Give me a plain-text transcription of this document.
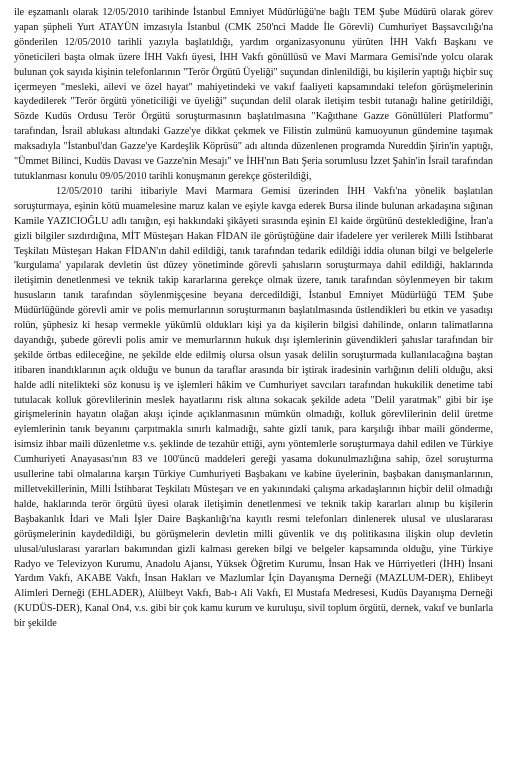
ile eşzamanlı olarak 12/05/2010 tarihinde İstanbul Emniyet Müdürlüğü'ne bağlı TEM Şube Müdürü olarak görev yapan şüpheli Yurt ATAYÜN imzasıyla İstanbul (CMK 250'nci Madde İle Görevli) Cumhuriyet Başsavcılığı'na gönderilen 12/05/2010 tarihli yazıyla başlatıldığı, yardım organizasyonunu yürüten İHH Vakfı Başkanı ve yöneticileri başta olmak üzere İHH Vakfı üyesi, İHH Vakfı gönüllüsü ve Mavi Marmara Gemisi'nde yolcu olarak bulunan çok sayıda kişinin telefonlarının "Terör Örgütü Üyeliği" suçundan dinlenildiği, bu kişilerin yaptığı hiçbir suç içermeyen "mesleki, ailevi ve özel hayat" mahiyetindeki ve vakıf faaliyeti kapsamındaki telefon görüşmelerinin kaydedilerek "Terör örgütü yöneticiliği ve üyeliği" suçundan delil olarak iletişim tesbit tutanağı haline getirildiği, Sözde Kudüs Ordusu Terör Örgütü soruşturmasının başlatılmasına "Kağıthane Gazze Gönüllüleri Platformu" tarafından, İsrail ablukası altındaki Gazze'ye dikkat çekmek ve Filistin zulmünü kamuoyunun gündemine taşımak maksadıyla "İstanbul'dan Gazze'ye Kardeşlik Köprüsü" adı altında düzenlenen programda Nureddin Şirin'in yaptığı, "Ümmet Bilinci, Kudüs Davası ve Gazze'nin Mesajı" ve İHH'nın Batı Şeria sorumlusu İzzet Şahin'in İsrail tarafından tutuklanması konulu 09/05/2010 tarihli konuşmanın gerekçe gösterildiği,

12/05/2010 tarihi itibariyle Mavi Marmara Gemisi üzerinden İHH Vakfı'na yönelik başlatılan soruşturmaya, eşinin kötü muamelesine maruz kalan ve eşiyle kavga ederek Bursa ilinde bulunan arkadaşına sığınan Kamile YAZICIOĞLU adlı tanığın, eşi hakkındaki şikâyeti sırasında eşinin El kaide örgütünü desteklediğine, İran'a gizli bilgiler sızdırdığına, MİT Müsteşarı Hakan FİDAN ile görüştüğüne dair ifadelere yer verilerek Milli İstihbarat Teşkilatı Müsteşarı Hakan FİDAN'ın dahil edildiği, tanık tarafından tedarik edildiği iddia olunan bilgi ve belgelerle 'kurgulama' yapılarak devletin üst düzey yönetiminde görevli şahısların soruşturmaya dahil edildiği, haklarında iletişimin denetlenmesi ve teknik takip kararlarına gerekçe olmak üzere, tanık tarafından söylenmeyen bir takım hususların tanık tarafından söylenmişçesine beyana dercedildiği, İstanbul Emniyet Müdürlüğü TEM Şube Müdürlüğünde görevli amir ve polis memurlarının soruşturmanın başlatılmasında üstlendikleri bu etkin ve yasadışı rolün, şüphesiz ki hesap vermekle yükümlü oldukları kişi ya da kişilerin bilgisi dahilinde, onların talimatlarına dayandığı, şubede görevli polis amir ve memurlarının hukuk dışı işlemlerinin güvendikleri şahıslar tarafından bir şekilde örtbas edileceğine, ne şekilde elde edilmiş olursa olsun yasak delilin soruşturmada kullanılacağına baştan itibaren inandıklarının açık olduğu ve bunun da taraflar arasında bir iştirak iradesinin varlığının delili olduğu, aksi halde adli nitelikteki söz konusu iş ve işlemleri hâkim ve Cumhuriyet savcıları tarafından hukukilik denetime tabi tutulacak kolluk görevlilerinin meslek hayatlarını risk altına sokacak şekilde adeta "Delil yaratmak" gibi bir işe girişmelerinin hayatın olağan akışı içinde açıklanmasının mümkün olmadığı, kolluk görevlilerinin delil üretme eylemlerinin tanık beyanını çarpıtmakla sınırlı kalmadığı, sahte gizli tanık, para karşılığı ihbar maili gönderme, isimsiz ihbar maili düzenletme v.s. şeklinde de tezahür ettiği, aynı yöntemlerle soruşturmaya dahil edilen ve Türkiye Cumhuriyeti Anayasası'nın 83 ve 100'üncü maddeleri gereği yasama dokunulmazlığına sahip, özel soruşturma usullerine tabi olmalarına karşın Türkiye Cumhuriyeti Başbakanı ve kabine üyelerinin, başbakan danışmanlarının, milletvekillerinin, Milli İstihbarat Teşkilatı Müsteşarı ve en yakınındaki çalışma arkadaşlarının hiçbir delil olmadığı halde, haklarında terör örgütü üyesi olarak iletişimin denetlenmesi ve teknik takip kararları alınıp bu kişilerin Başbakanlık İdari ve Mali İşler Daire Başkanlığı'na kayıtlı resmi telefonları dinlenerek ulusal ve uluslararası görüşmelerinin kaydedildiği, bu görüşmelerin devletin milli güvenlik ve dış politikasına ilişkin olup devletin ulusal/uluslarası yararları bakımından gizli kalması gereken bilgi ve belgeler kapsamında olduğu, yine Türkiye Radyo ve Televizyon Kurumu, Anadolu Ajansı, Yüksek Öğretim Kurumu, İnsan Hak ve Hürriyetleri (İHH) İnsani Yardım Vakfı, AKABE Vakfı, İnsan Hakları ve Mazlumlar İçin Dayanışma Derneği (MAZLUM-DER), Ehlibeyt Alimleri Derneği (EHLADER), Alülbeyt Vakfı, Bab-ı Ali Vakfı, El Mustafa Medresesi, Kudüs Dayanışma Derneği (KUDÜS-DER), Kanal On4, v.s. gibi bir çok kamu kurum ve kuruluşu, sivil toplum örgütü, dernek, vakıf ve bunlarla bir şekilde
